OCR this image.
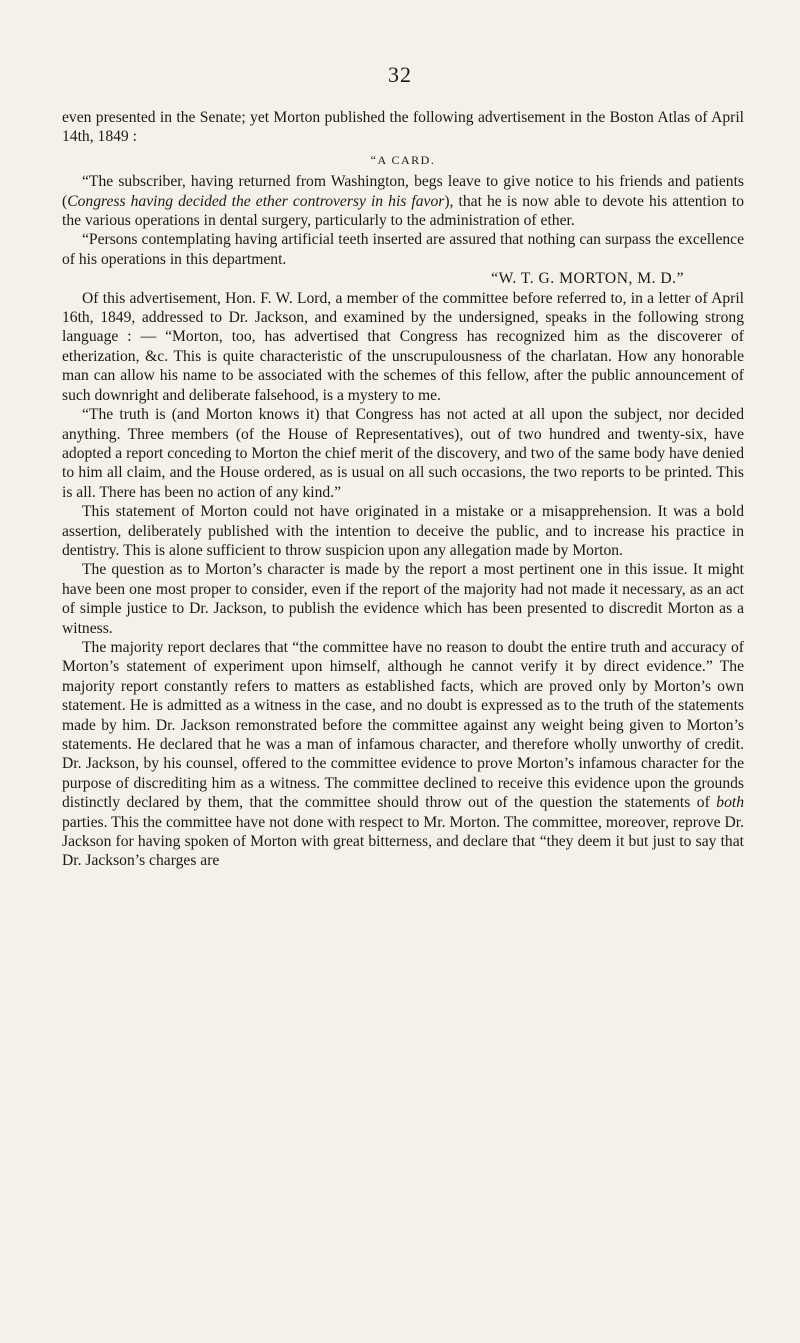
32

even presented in the Senate; yet Morton published the following advertisement in the Boston Atlas of April 14th, 1849 :

“A CARD.

“The subscriber, having returned from Washington, begs leave to give notice to his friends and patients (Congress having decided the ether controversy in his favor), that he is now able to devote his attention to the various operations in dental surgery, particularly to the administration of ether.

“Persons contemplating having artificial teeth inserted are assured that nothing can surpass the excellence of his operations in this department.

“W. T. G. MORTON, M. D.”

Of this advertisement, Hon. F. W. Lord, a member of the committee before referred to, in a letter of April 16th, 1849, addressed to Dr. Jackson, and examined by the undersigned, speaks in the following strong language : — “Morton, too, has advertised that Congress has recognized him as the discoverer of etherization, &c. This is quite characteristic of the unscrupulousness of the charlatan. How any honorable man can allow his name to be associated with the schemes of this fellow, after the public announcement of such downright and deliberate falsehood, is a mystery to me.

“The truth is (and Morton knows it) that Congress has not acted at all upon the subject, nor decided anything. Three members (of the House of Representatives), out of two hundred and twenty-six, have adopted a report conceding to Morton the chief merit of the discovery, and two of the same body have denied to him all claim, and the House ordered, as is usual on all such occasions, the two reports to be printed. This is all. There has been no action of any kind.”

This statement of Morton could not have originated in a mistake or a misapprehension. It was a bold assertion, deliberately published with the intention to deceive the public, and to increase his practice in dentistry. This is alone sufficient to throw suspicion upon any allegation made by Morton.

The question as to Morton’s character is made by the report a most pertinent one in this issue. It might have been one most proper to consider, even if the report of the majority had not made it necessary, as an act of simple justice to Dr. Jackson, to publish the evidence which has been presented to discredit Morton as a witness.

The majority report declares that “the committee have no reason to doubt the entire truth and accuracy of Morton’s statement of experiment upon himself, although he cannot verify it by direct evidence.” The majority report constantly refers to matters as established facts, which are proved only by Morton’s own statement. He is admitted as a witness in the case, and no doubt is expressed as to the truth of the statements made by him. Dr. Jackson remonstrated before the committee against any weight being given to Morton’s statements. He declared that he was a man of infamous character, and therefore wholly unworthy of credit. Dr. Jackson, by his counsel, offered to the committee evidence to prove Morton’s infamous character for the purpose of discrediting him as a witness. The committee declined to receive this evidence upon the grounds distinctly declared by them, that the committee should throw out of the question the statements of both parties. This the committee have not done with respect to Mr. Morton. The committee, moreover, reprove Dr. Jackson for having spoken of Morton with great bitterness, and declare that “they deem it but just to say that Dr. Jackson’s charges are
